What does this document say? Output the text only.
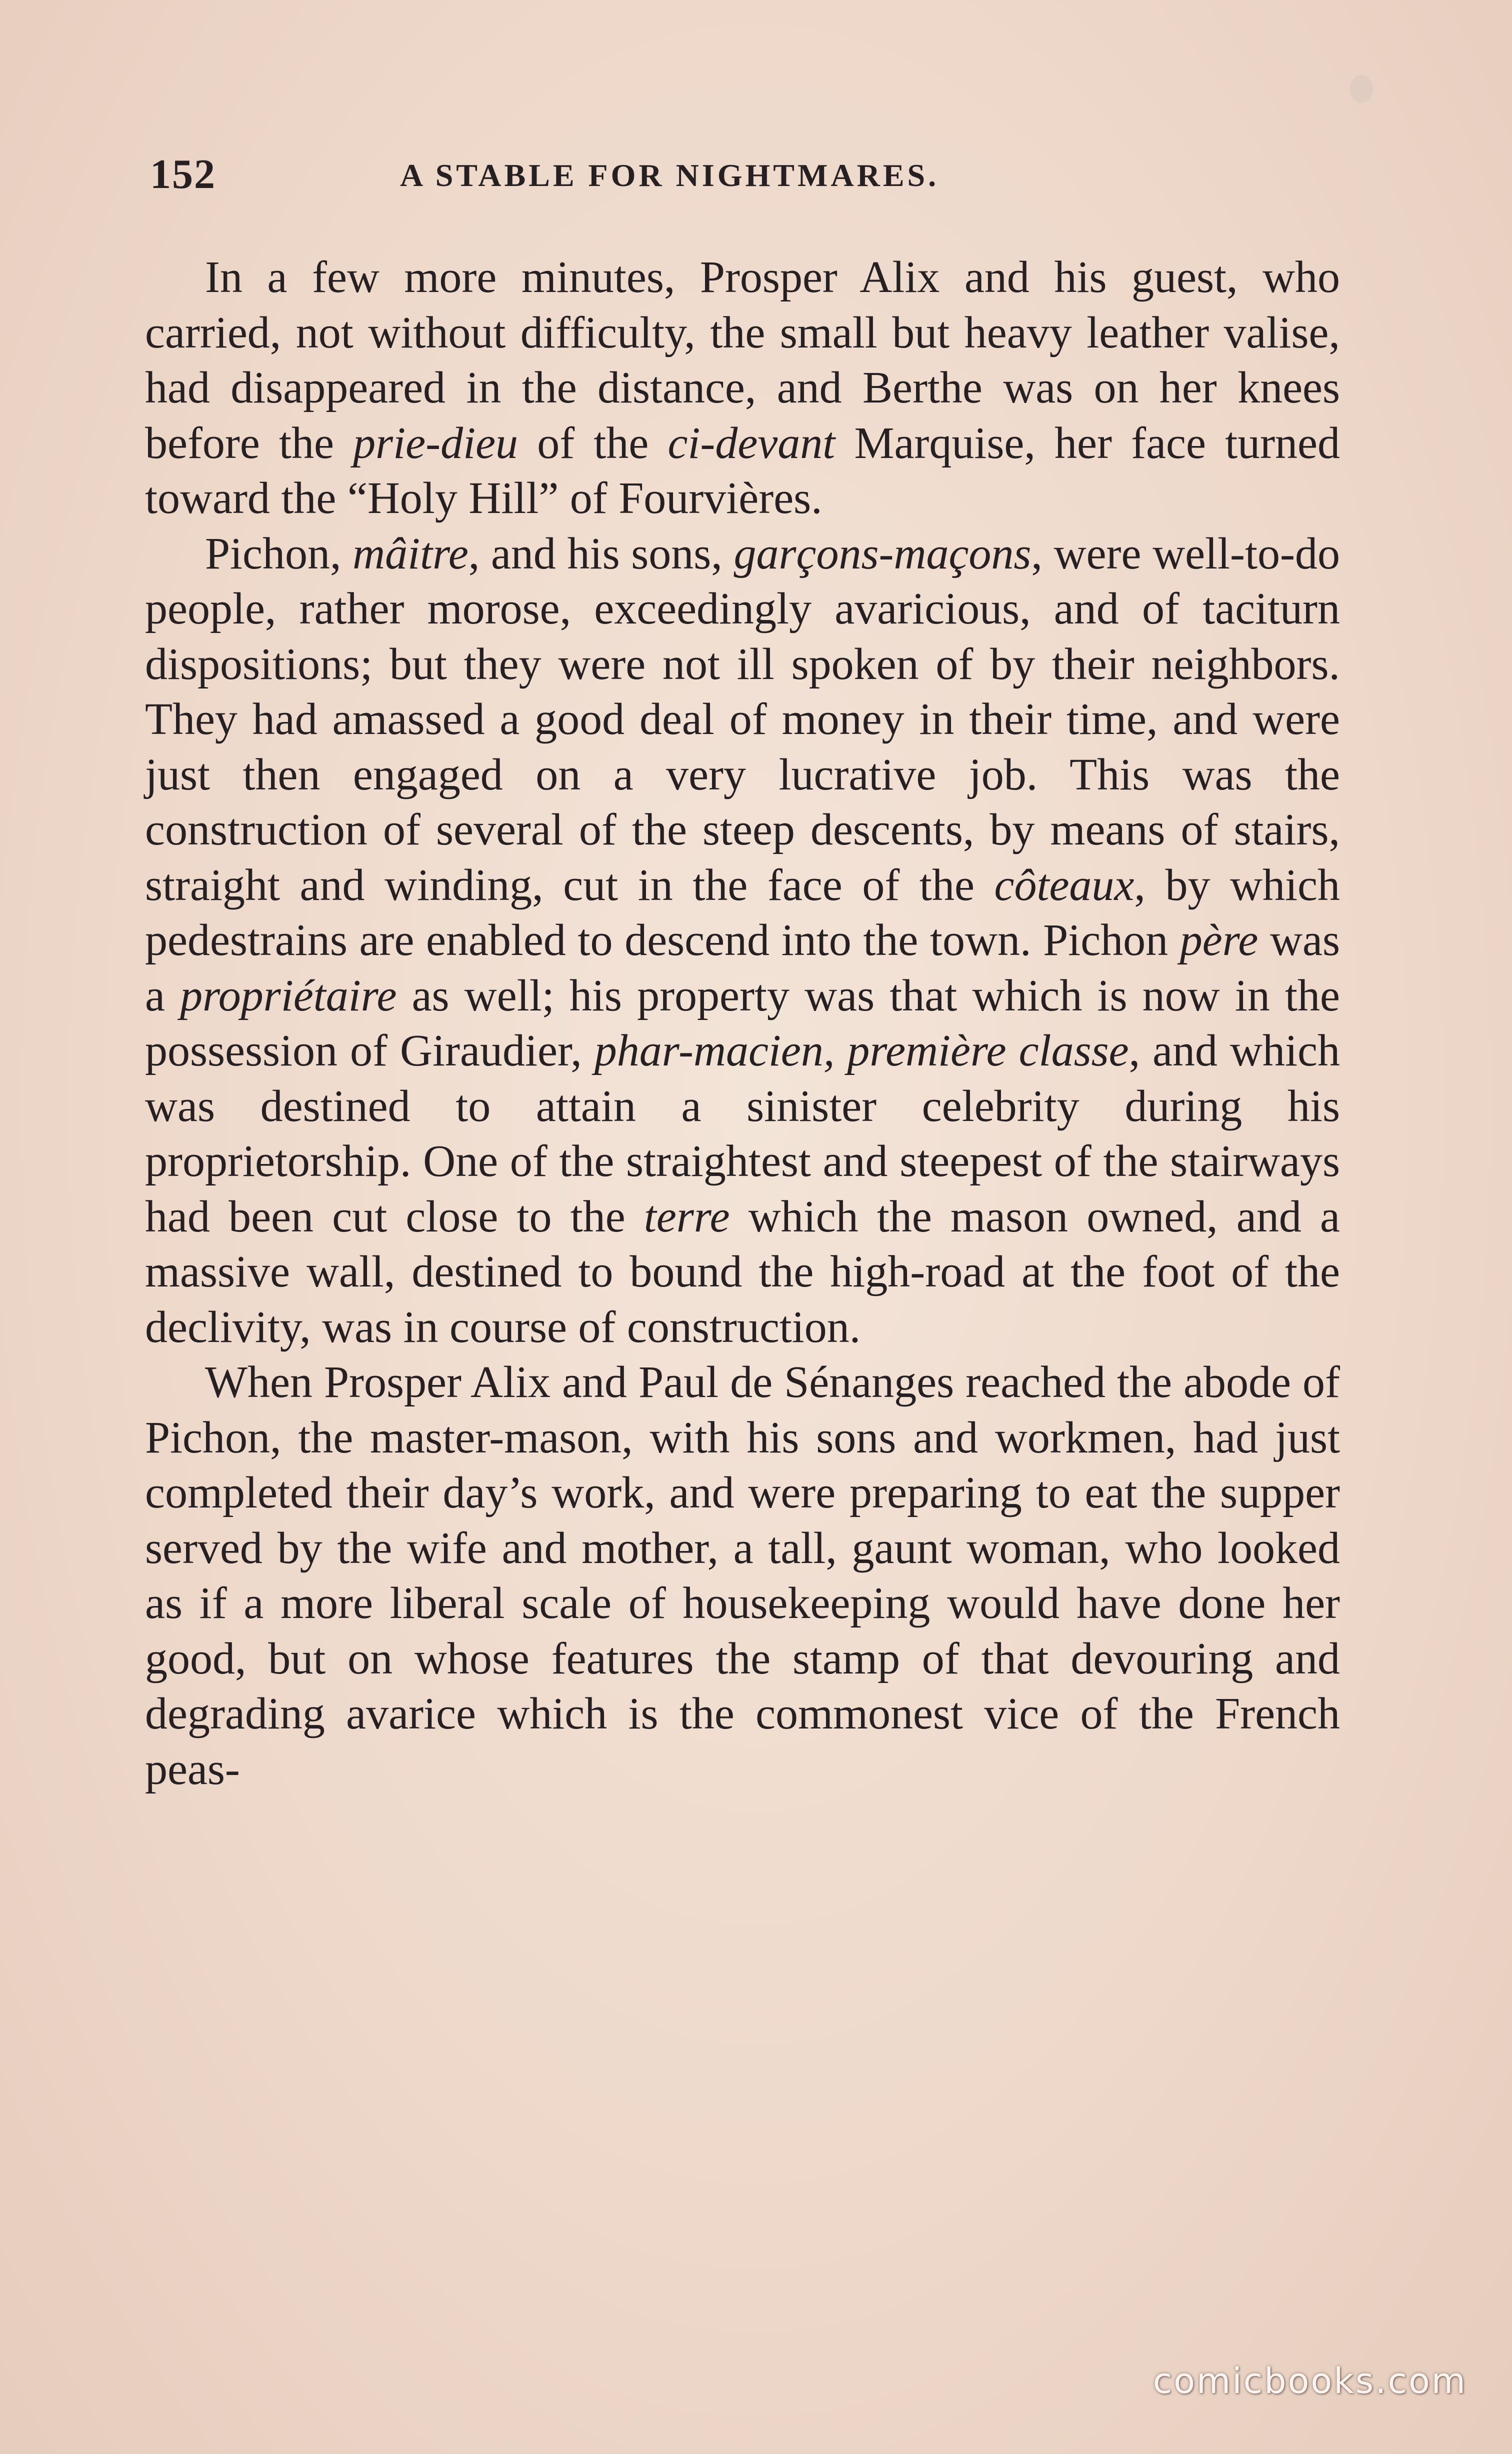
152	A STABLE FOR NIGHTMARES.

In a few more minutes, Prosper Alix and his guest, who carried, not without difficulty, the small but heavy leather valise, had disappeared in the distance, and Berthe was on her knees before the prie-dieu of the ci-devant Marquise, her face turned toward the “Holy Hill” of Fourvières.

Pichon, mâitre, and his sons, garçons-maçons, were well-to-do people, rather morose, exceedingly avaricious, and of taciturn dispositions; but they were not ill spoken of by their neighbors. They had amassed a good deal of money in their time, and were just then engaged on a very lucrative job. This was the construction of several of the steep descents, by means of stairs, straight and winding, cut in the face of the côteaux, by which pedestrains are enabled to descend into the town. Pichon père was a propriétaire as well; his property was that which is now in the possession of Giraudier, phar-macien, première classe, and which was destined to attain a sinister celebrity during his proprietorship. One of the straightest and steepest of the stairways had been cut close to the terre which the mason owned, and a massive wall, destined to bound the high-road at the foot of the declivity, was in course of construction.

When Prosper Alix and Paul de Sénanges reached the abode of Pichon, the master-mason, with his sons and workmen, had just completed their day’s work, and were preparing to eat the supper served by the wife and mother, a tall, gaunt woman, who looked as if a more liberal scale of housekeeping would have done her good, but on whose features the stamp of that devouring and degrading avarice which is the commonest vice of the French peas-

comicbooks.com
